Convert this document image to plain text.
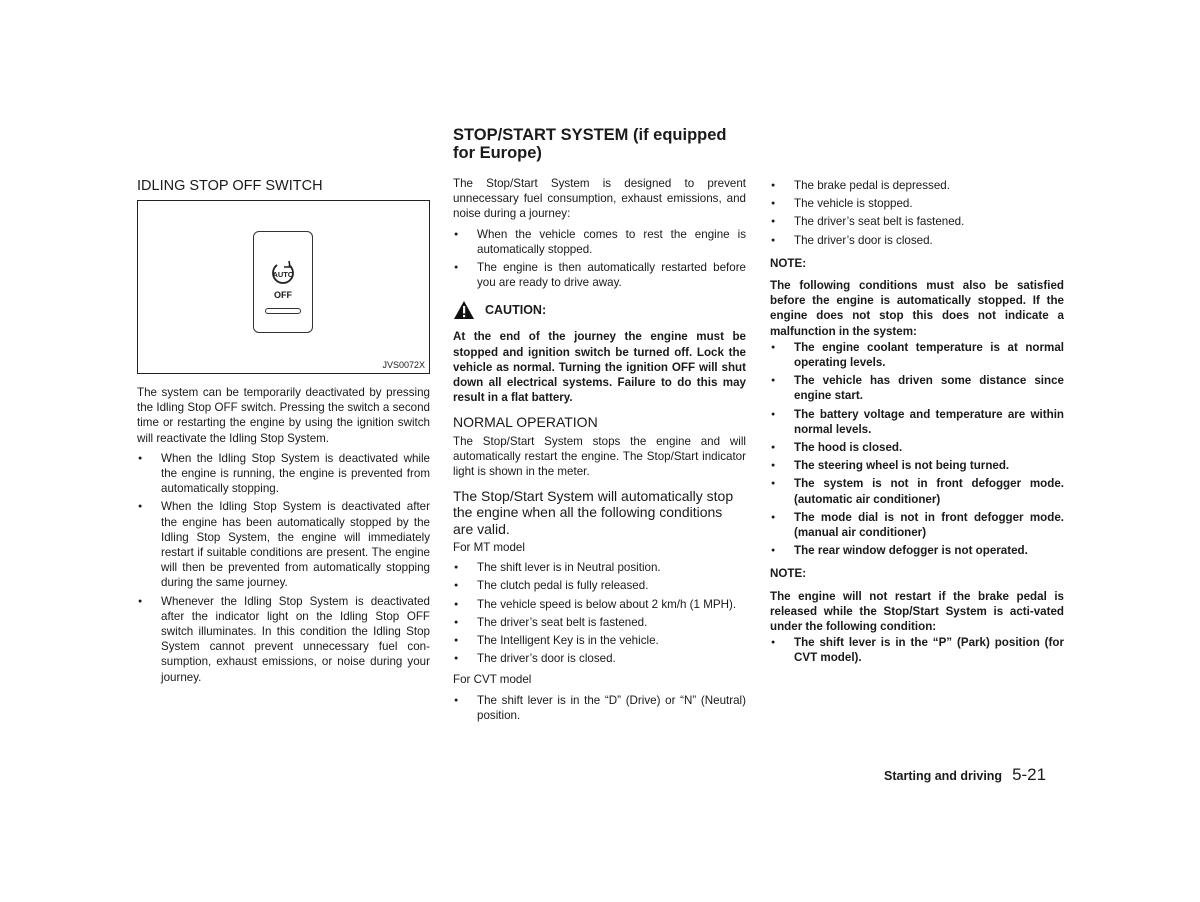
IDLING STOP OFF SWITCH
AUTO
OFF
JVS0072X

The system can be temporarily deactivated by pressing the Idling Stop OFF switch. Pressing the switch a second time or restarting the engine by using the ignition switch will reactivate the Idling Stop System.

● When the Idling Stop System is deactivated while the engine is running, the engine is prevented from automatically stopping.
● When the Idling Stop System is deactivated after the engine has been automatically stopped by the Idling Stop System, the engine will immediately restart if suitable conditions are present. The engine will then be prevented from automatically stopping during the same journey.
● Whenever the Idling Stop System is deactivated after the indicator light on the Idling Stop OFF switch illuminates. In this condition the Idling Stop System cannot prevent unnecessary fuel con-sumption, exhaust emissions, or noise during your journey.
STOP/START SYSTEM (if equipped for Europe)

The Stop/Start System is designed to prevent unnecessary fuel consumption, exhaust emissions, and noise during a journey:

● When the vehicle comes to rest the engine is automatically stopped.
● The engine is then automatically restarted before you are ready to drive away.
CAUTION:

At the end of the journey the engine must be stopped and ignition switch be turned off. Lock the vehicle as normal. Turning the ignition OFF will shut down all electrical systems. Failure to do this may result in a flat battery.

NORMAL OPERATION

The Stop/Start System stops the engine and will automatically restart the engine. The Stop/Start indicator light is shown in the meter.

The Stop/Start System will automatically stop the engine when all the following conditions are valid.

For MT model

● The shift lever is in Neutral position.
● The clutch pedal is fully released.
● The vehicle speed is below about 2 km/h (1 MPH).
● The driver’s seat belt is fastened.
● The Intelligent Key is in the vehicle.
● The driver’s door is closed.

For CVT model

● The shift lever is in the “D” (Drive) or “N” (Neutral) position.
● The brake pedal is depressed.
● The vehicle is stopped.
● The driver’s seat belt is fastened.
● The driver’s door is closed.

NOTE:

The following conditions must also be satisfied before the engine is automatically stopped. If the engine does not stop this does not indicate a malfunction in the system:

● The engine coolant temperature is at normal operating levels.
● The vehicle has driven some distance since engine start.
● The battery voltage and temperature are within normal levels.
● The hood is closed.
● The steering wheel is not being turned.
● The system is not in front defogger mode. (automatic air conditioner)
● The mode dial is not in front defogger mode. (manual air conditioner)
● The rear window defogger is not operated.

NOTE:

The engine will not restart if the brake pedal is released while the Stop/Start System is acti-vated under the following condition:

● The shift lever is in the “P” (Park) position (for CVT model).
Starting and driving 5-21
